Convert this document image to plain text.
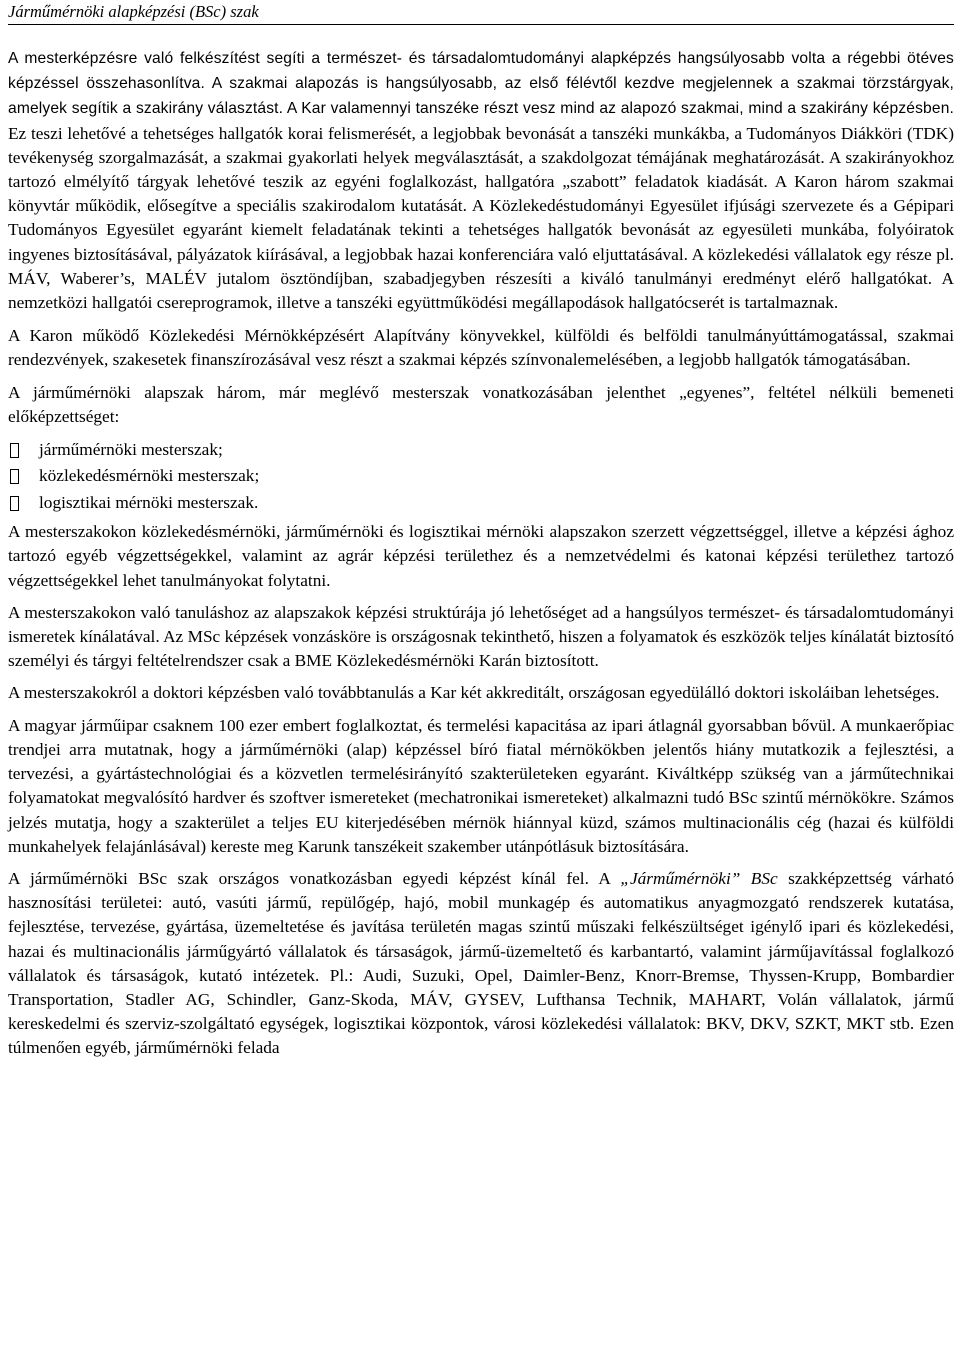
Járműmérnöki alapképzési (BSc) szak

A mesterképzésre való felkészítést segíti a természet- és társadalomtudományi alapképzés hangsúlyosabb volta a régebbi ötéves képzéssel összehasonlítva. A szakmai alapozás is hangsúlyosabb, az első félévtől kezdve megjelennek a szakmai törzstárgyak, amelyek segítik a szakirány választást. A Kar valamennyi tanszéke részt vesz mind az alapozó szakmai, mind a szakirány képzésben. Ez teszi lehetővé a tehetséges hallgatók korai felismerését, a legjobbak bevonását a tanszéki munkákba, a Tudományos Diákköri (TDK) tevékenység szorgalmazását, a szakmai gyakorlati helyek megválasztását, a szakdolgozat témájának meghatározását. A szakirányokhoz tartozó elmélyítő tárgyak lehetővé teszik az egyéni foglalkozást, hallgatóra „szabott” feladatok kiadását. A Karon három szakmai könyvtár működik, elősegítve a speciális szakirodalom kutatását. A Közlekedéstudományi Egyesület ifjúsági szervezete és a Gépipari Tudományos Egyesület egyaránt kiemelt feladatának tekinti a tehetséges hallgatók bevonását az egyesületi munkába, folyóiratok ingyenes biztosításával, pályázatok kiírásával, a legjobbak hazai konferenciára való eljuttatásával. A közlekedési vállalatok egy része pl. MÁV, Waberer’s, MALÉV jutalom ösztöndíjban, szabadjegyben részesíti a kiváló tanulmányi eredményt elérő hallgatókat. A nemzetközi hallgatói csereprogramok, illetve a tanszéki együttműködési megállapodások hallgatócserét is tartalmaznak.

A Karon működő Közlekedési Mérnökképzésért Alapítvány könyvekkel, külföldi és belföldi tanulmányúttámogatással, szakmai rendezvények, szakesetek finanszírozásával vesz részt a szakmai képzés színvonalemelésében, a legjobb hallgatók támogatásában.

A járműmérnöki alapszak három, már meglévő mesterszak vonatkozásában jelenthet „egyenes”, feltétel nélküli bemeneti előképzettséget:

járműmérnöki mesterszak;
közlekedésmérnöki mesterszak;
logisztikai mérnöki mesterszak.

A mesterszakokon közlekedésmérnöki, járműmérnöki és logisztikai mérnöki alapszakon szerzett végzettséggel, illetve a képzési ághoz tartozó egyéb végzettségekkel, valamint az agrár képzési területhez és a nemzetvédelmi és katonai képzési területhez tartozó végzettségekkel lehet tanulmányokat folytatni.

A mesterszakokon való tanuláshoz az alapszakok képzési struktúrája jó lehetőséget ad a hangsúlyos természet- és társadalomtudományi ismeretek kínálatával. Az MSc képzések vonzásköre is országosnak tekinthető, hiszen a folyamatok és eszközök teljes kínálatát biztosító személyi és tárgyi feltételrendszer csak a BME Közlekedésmérnöki Karán biztosított.

A mesterszakokról a doktori képzésben való továbbtanulás a Kar két akkreditált, országosan egyedülálló doktori iskoláiban lehetséges.

A magyar járműipar csaknem 100 ezer embert foglalkoztat, és termelési kapacitása az ipari átlagnál gyorsabban bővül. A munkaerőpiac trendjei arra mutatnak, hogy a járműmérnöki (alap) képzéssel bíró fiatal mérnökökben jelentős hiány mutatkozik a fejlesztési, a tervezési, a gyártástechnológiai és a közvetlen termelésirányító szakterületeken egyaránt. Kiváltképp szükség van a járműtechnikai folyamatokat megvalósító hardver és szoftver ismereteket (mechatronikai ismereteket) alkalmazni tudó BSc szintű mérnökökre. Számos jelzés mutatja, hogy a szakterület a teljes EU kiterjedésében mérnök hiánnyal küzd, számos multinacionális cég (hazai és külföldi munkahelyek felajánlásával) kereste meg Karunk tanszékeit szakember utánpótlásuk biztosítására.

A járműmérnöki BSc szak országos vonatkozásban egyedi képzést kínál fel. A „Járműmérnöki” BSc szakképzettség várható hasznosítási területei: autó, vasúti jármű, repülőgép, hajó, mobil munkagép és automatikus anyagmozgató rendszerek kutatása, fejlesztése, tervezése, gyártása, üzemeltetése és javítása területén magas szintű műszaki felkészültséget igénylő ipari és közlekedési, hazai és multinacionális járműgyártó vállalatok és társaságok, jármű-üzemeltető és karbantartó, valamint járműjavítással foglalkozó vállalatok és társaságok, kutató intézetek. Pl.: Audi, Suzuki, Opel, Daimler-Benz, Knorr-Bremse, Thyssen-Krupp, Bombardier Transportation, Stadler AG, Schindler, Ganz-Skoda, MÁV, GYSEV, Lufthansa Technik, MAHART, Volán vállalatok, jármű kereskedelmi és szerviz-szolgáltató egységek, logisztikai központok, városi közlekedési vállalatok: BKV, DKV, SZKT, MKT stb. Ezen túlmenően egyéb, járműmérnöki felada
